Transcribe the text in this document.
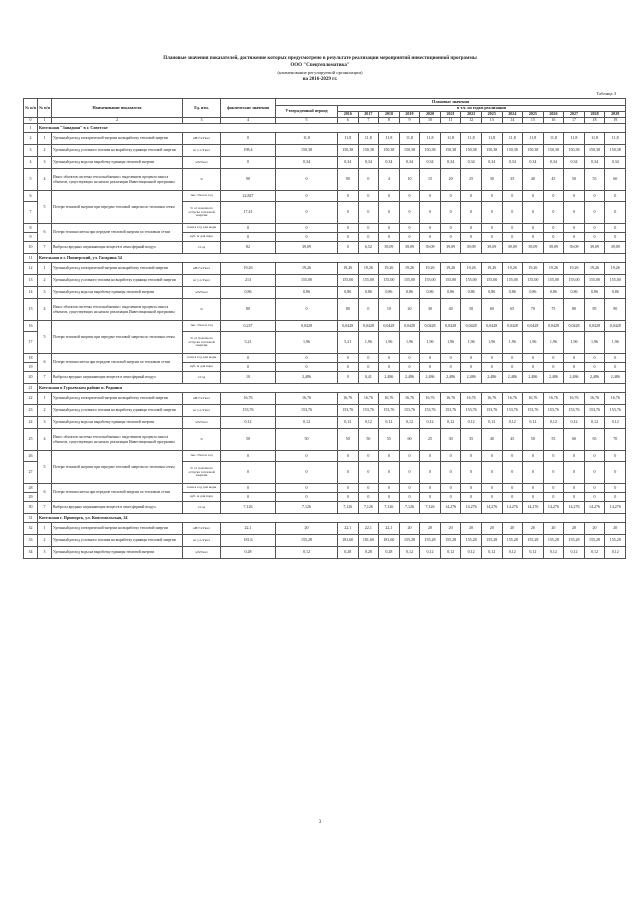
Плановые значения показателей, достижение которых предусмотрено в результате реализации мероприятий инвестиционной программы
ООО "Спецтепломатика"
(наименование регулируемой организации)
на 2016-2029 гг.
Таблица 3
№ п/п	№ п/п	Наименование показателя	Ед. изм.	фактические значения	Плановые значения														
					Утвержденный период	в т.ч. по годам реализации													
						2016	2017	2018	2019	2020	2021	2022	2023	2024	2025	2026	2027	2028	2029
0	1	2	3	4	5	6	7	8	9	10	11	12	13	14	15	16	17	18	19
1	Котельная "Западная" в г. Советске																		
2	1	Удельный расход электрической энергии на выработку тепловой энергии	кВт•ч/Гкал	0	11,8	11,8	11,8	11,8	11,8	11,8	11,8	11,8	11,8	11,8	11,8	11,8	11,8	11,8	11,8
3	2	Удельный расход условного топлива на выработку единицы тепловой энергии	кг у.т./Гкал	198,4	150,38	150,38	150,38	150,38	150,38	150,38	150,38	150,38	150,38	150,38	150,38	150,38	150,38	150,38	150,38
4	3	Удельный расход воды на выработку единицы тепловой энергии	м3/Гкал	0	0,34	0,34	0,34	0,34	0,34	0,34	0,34	0,34	0,34	0,34	0,34	0,34	0,34	0,34	0,34
5	4	Износ объектов системы теплоснабжения с выделением процента износа объектов, существующих на начало реализации Инвестиционной программы	%	90	0	90	0	4	10	15	20	25	30	35	40	45	50	55	60
6	5	Потери тепловой энергии при передаче тепловой энергии по тепловым сетям	тыс. Гкал в год	22,847	0	0	0	0	0	0	0	0	0	0	0	0	0	0	0
7			% от полезного отпуска тепловой энергии	17,41	0	0	0	0	0	0	0	0	0	0	0	0	0	0	0
8	6	Потери теплоносителя при передаче тепловой энергии по тепловым сетям	тонн в год для воды	0	0	0	0	0	0	0	0	0	0	0	0	0	0	0	0
9			куб. м для пара	0	0	0	0	0	0	0	0	0	0	0	0	0	0	0	0
10	7	Выбросы вредных загрязняющих веществ в атмосферный воздух	т/год	82	39,09	0	6,52	39,09	39,09	39,09	39,09	39,09	39,09	39,09	39,09	39,09	39,09	39,09	39,09
11	Котельная в г. Пионерский, ул. Гагарина 34																		
12	1	Удельный расход электрической энергии на выработку тепловой энергии	кВт•ч/Гкал	19,26	19,26	19,26	19,26	19,26	19,26	19,26	19,26	19,26	19,26	19,26	19,26	19,26	19,26	19,26	19,26
13	2	Удельный расход условного топлива на выработку единицы тепловой энергии	кг у.т./Гкал	213	155,00	155,00	155,00	155,00	155,00	155,00	155,00	155,00	155,00	155,00	155,00	155,00	155,00	155,00	155,00
14	3	Удельный расход воды на выработку единицы тепловой энергии	м3/Гкал	0,86	0,86	0,86	0,86	0,86	0,86	0,86	0,86	0,86	0,86	0,86	0,86	0,86	0,86	0,86	0,86
15	4	Износ объектов системы теплоснабжения с выделением процента износа объектов, существующих на начало реализации Инвестиционной программы	%	80	0	80	0	10	20	30	40	50	60	65	70	75	80	85	90
16	5	Потери тепловой энергии при передаче тепловой энергии по тепловым сетям	тыс. Гкал в год	0,237	0,0428	0,0428	0,0428	0,0428	0,0428	0,0428	0,0428	0,0428	0,0428	0,0428	0,0428	0,0428	0,0428	0,0428	0,0428
17			% от полезного отпуска тепловой энергии	5,21	1,96	5,21	1,96	1,96	1,96	1,96	1,96	1,96	1,96	1,96	1,96	1,96	1,96	1,96	1,96
18	6	Потери теплоносителя при передаче тепловой энергии по тепловым сетям	тонн в год для воды	0	0	0	0	0	0	0	0	0	0	0	0	0	0	0	0
19			куб. м для пара	0	0	0	0	0	0	0	0	0	0	0	0	0	0	0	0
20	7	Выбросы вредных загрязняющих веществ в атмосферный воздух	т/год	10	2,486	0	0,41	2,486	2,486	2,486	2,486	2,486	2,486	2,486	2,486	2,486	2,486	2,486	2,486
21	Котельная в Гурьевском районе п. Родники																		
22	1	Удельный расход электрической энергии на выработку тепловой энергии	кВт•ч/Гкал	16,76	16,76	16,76	16,76	16,76	16,76	16,76	16,76	16,76	16,76	16,76	16,76	16,76	16,76	16,76	16,76
23	2	Удельный расход условного топлива на выработку единицы тепловой энергии	кг у.т./Гкал	153,76	153,76	153,76	153,76	153,76	153,76	153,76	153,76	153,76	153,76	153,76	153,76	153,76	153,76	153,76	153,76
24	3	Удельный расход воды на выработку единицы тепловой энергии	м3/Гкал	0,12	0,12	0,12	0,12	0,12	0,12	0,12	0,12	0,12	0,12	0,12	0,12	0,12	0,12	0,12	0,12
25	4	Износ объектов системы теплоснабжения с выделением процента износа объектов, существующих на начало реализации Инвестиционной программы	%	50	50	50	50	55	60	25	30	35	40	45	50	55	60	65	70
26	5	Потери тепловой энергии при передаче тепловой энергии по тепловым сетям	тыс. Гкал в год	0	0	0	0	0	0	0	0	0	0	0	0	0	0	0	0
27			% от полезного отпуска тепловой энергии	0	0	0	0	0	0	0	0	0	0	0	0	0	0	0	0
28	6	Потери теплоносителя при передаче тепловой энергии по тепловым сетям	тонн в год для воды	0	0	0	0	0	0	0	0	0	0	0	0	0	0	0	0
29			куб. м для пара	0	0	0	0	0	0	0	0	0	0	0	0	0	0	0	0
30	7	Выбросы вредных загрязняющих веществ в атмосферный воздух	т/год	7,126	7,126	7,126	7,126	7,126	7,126	7,126	14,276	14,276	14,276	14,276	14,276	14,276	14,276	14,276	14,276
31	Котельная г. Приморск, ул. Комсомольская, 24																		
32	1	Удельный расход электрической энергии на выработку тепловой энергии	кВт•ч/Гкал	22,1	20	22,1	22,1	22,1	20	20	20	20	20	20	20	20	20	20	20
33	2	Удельный расход условного топлива на выработку единицы тепловой энергии	кг у.т./Гкал	181,6	155,28	181,60	181,60	181,60	155,28	155,28	155,28	155,28	155,28	155,28	155,28	155,28	155,28	155,28	155,28
34	3	Удельный расход воды на выработку единицы тепловой энергии	м3/Гкал	0,28	0,12	0,28	0,28	0,28	0,12	0,12	0,12	0,12	0,12	0,12	0,12	0,12	0,12	0,12	0,12
3
